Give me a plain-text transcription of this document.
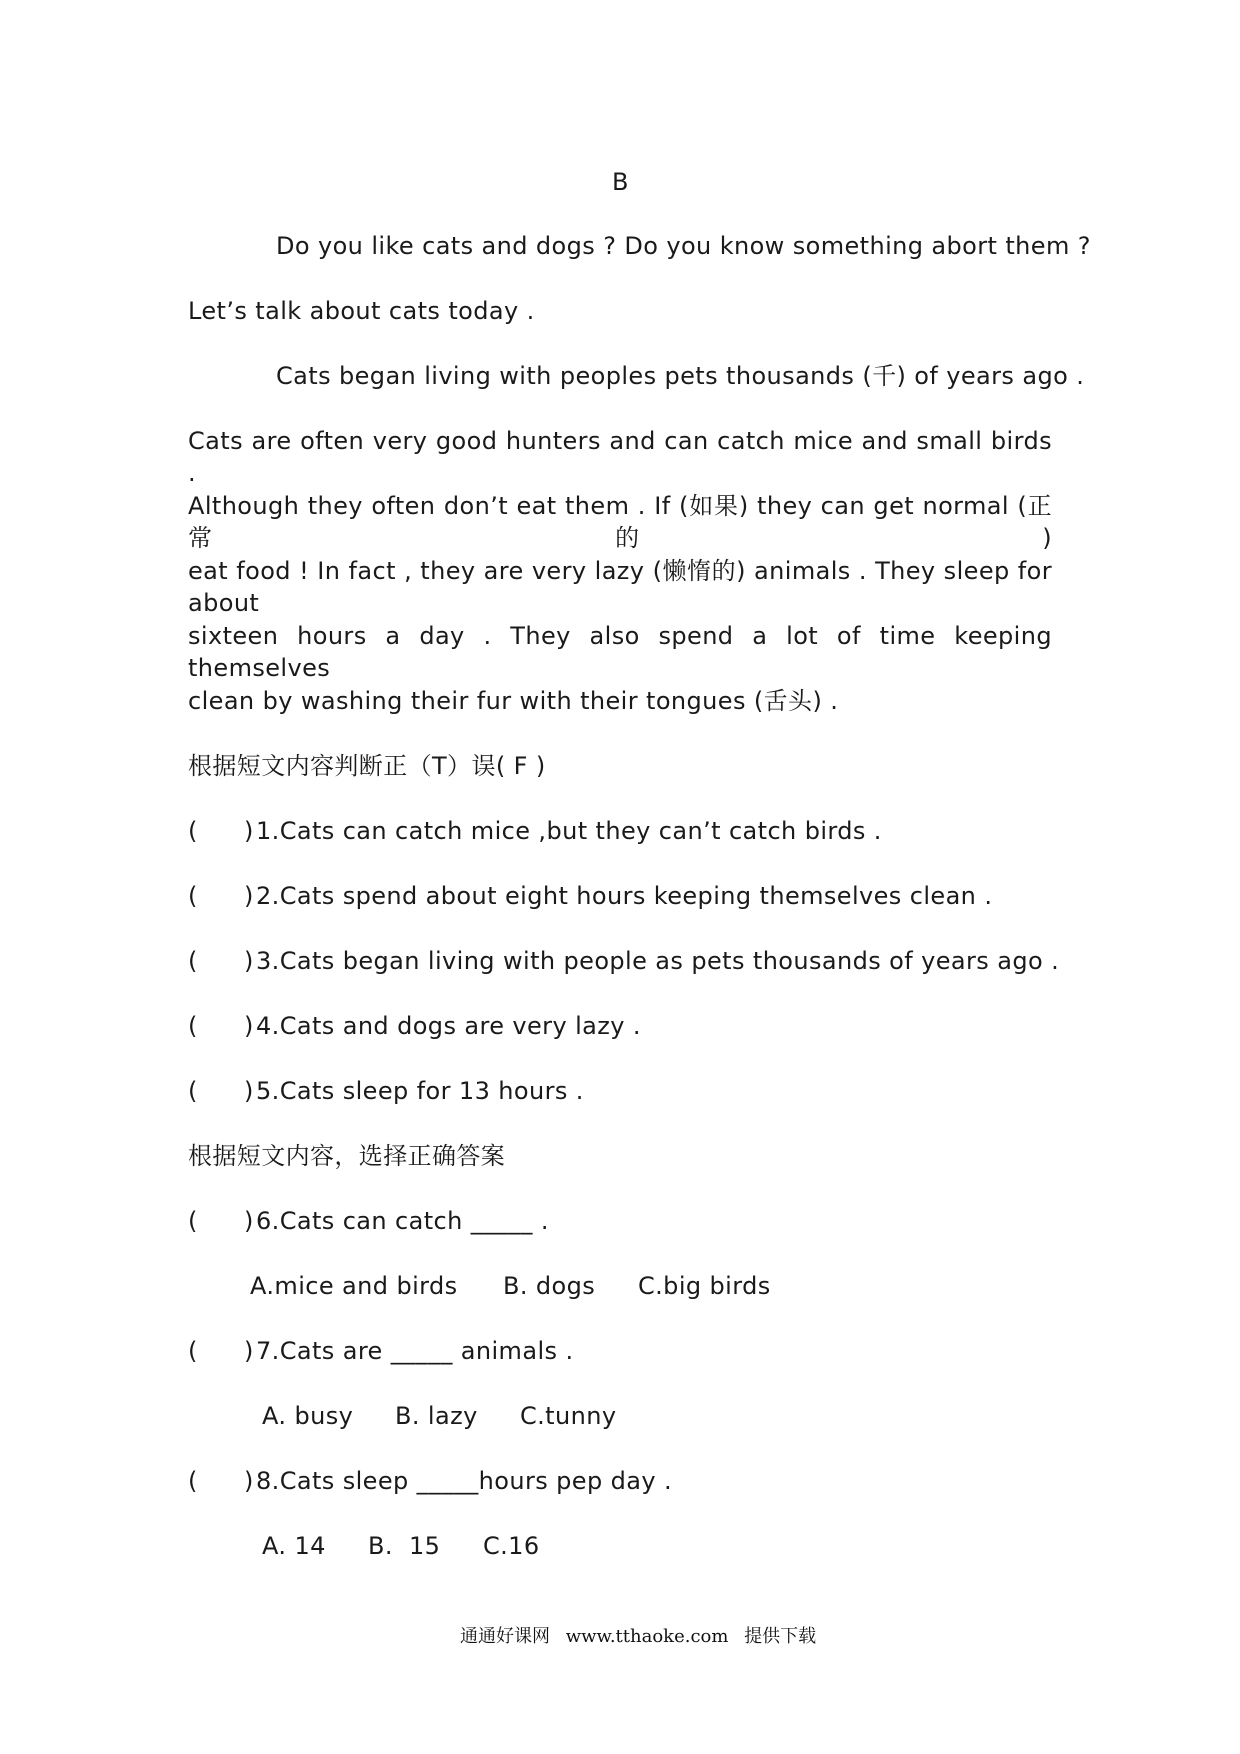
B
Do you like cats and dogs ? Do you know something abort them ?
Let’s talk about cats today .
Cats began living with peoples pets thousands (千) of years ago .
Cats are often very good hunters and can catch mice and small birds .
Although they often don’t eat them . If (如果) they can get normal (正常的)
eat food ! In fact , they are very lazy (懒惰的) animals . They sleep for about
sixteen hours a day . They also spend a lot of time keeping themselves
clean by washing their fur with their tongues (舌头) .
根据短文内容判断正（T）误( F )
( ) 1.Cats can catch mice ,but they can’t catch birds .
( ) 2.Cats spend about eight hours keeping themselves clean .
( ) 3.Cats began living with people as pets thousands of years ago .
( ) 4.Cats and dogs are very lazy .
( ) 5.Cats sleep for 13 hours .
根据短文内容，选择正确答案
( ) 6.Cats can catch _____ .
A.mice and birds B. dogs C.big birds
( ) 7.Cats are _____ animals .
A. busy B. lazy C.tunny
( ) 8.Cats sleep _____hours pep day .
A. 14 B.  15 C.16
通通好课网 www.tthaoke.com 提供下载
